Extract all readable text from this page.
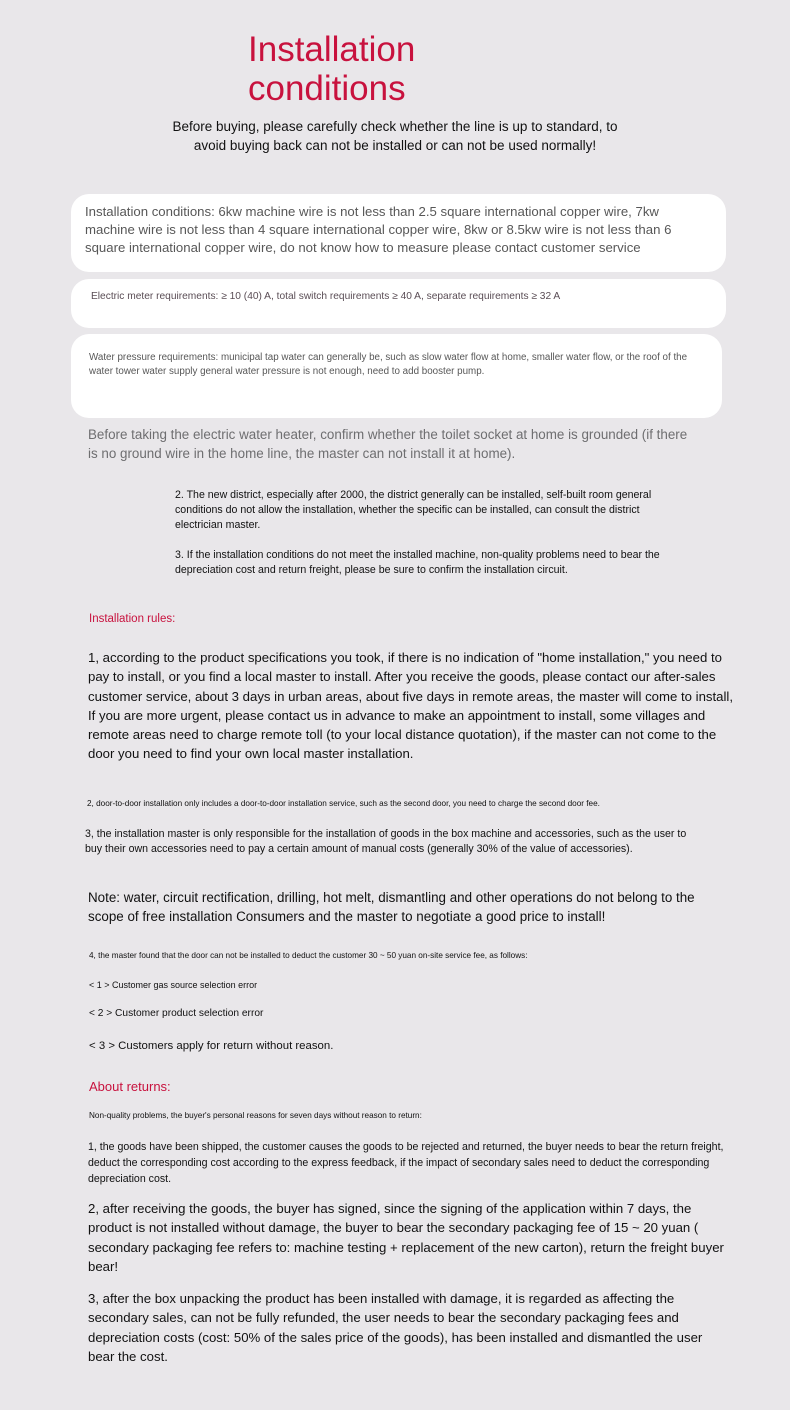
Installation conditions
Before buying, please carefully check whether the line is up to standard, to avoid buying back can not be installed or can not be used normally!
Installation conditions: 6kw machine wire is not less than 2.5 square international copper wire, 7kw machine wire is not less than 4 square international copper wire, 8kw or 8.5kw wire is not less than 6 square international copper wire, do not know how to measure please contact customer service
Electric meter requirements: ≥ 10 (40) A, total switch requirements ≥ 40 A, separate requirements ≥ 32 A
Water pressure requirements: municipal tap water can generally be, such as slow water flow at home, smaller water flow, or the roof of the water tower water supply general water pressure is not enough, need to add booster pump.
Before taking the electric water heater, confirm whether the toilet socket at home is grounded (if there is no ground wire in the home line, the master can not install it at home).
2. The new district, especially after 2000, the district generally can be installed, self-built room general conditions do not allow the installation, whether the specific can be installed, can consult the district electrician master.
3. If the installation conditions do not meet the installed machine, non-quality problems need to bear the depreciation cost and return freight, please be sure to confirm the installation circuit.
Installation rules:
1, according to the product specifications you took, if there is no indication of "home installation," you need to pay to install, or you find a local master to install. After you receive the goods, please contact our after-sales customer service, about 3 days in urban areas, about five days in remote areas, the master will come to install, If you are more urgent, please contact us in advance to make an appointment to install, some villages and remote areas need to charge remote toll (to your local distance quotation), if the master can not come to the door you need to find your own local master installation.
2, door-to-door installation only includes a door-to-door installation service, such as the second door, you need to charge the second door fee.
3, the installation master is only responsible for the installation of goods in the box machine and accessories, such as the user to buy their own accessories need to pay a certain amount of manual costs (generally 30% of the value of accessories).
Note: water, circuit rectification, drilling, hot melt, dismantling and other operations do not belong to the scope of free installation Consumers and the master to negotiate a good price to install!
4, the master found that the door can not be installed to deduct the customer 30 ~ 50 yuan on-site service fee, as follows:
< 1 > Customer gas source selection error
< 2 > Customer product selection error
< 3 > Customers apply for return without reason.
About returns:
Non-quality problems, the buyer's personal reasons for seven days without reason to return:
1, the goods have been shipped, the customer causes the goods to be rejected and returned, the buyer needs to bear the return freight, deduct the corresponding cost according to the express feedback, if the impact of secondary sales need to deduct the corresponding depreciation cost.
2, after receiving the goods, the buyer has signed, since the signing of the application within 7 days, the product is not installed without damage, the buyer to bear the secondary packaging fee of 15 ~ 20 yuan ( secondary packaging fee refers to: machine testing + replacement of the new carton), return the freight buyer bear!
3, after the box unpacking the product has been installed with damage, it is regarded as affecting the secondary sales, can not be fully refunded, the user needs to bear the secondary packaging fees and depreciation costs (cost: 50% of the sales price of the goods), has been installed and dismantled the user bear the cost.
